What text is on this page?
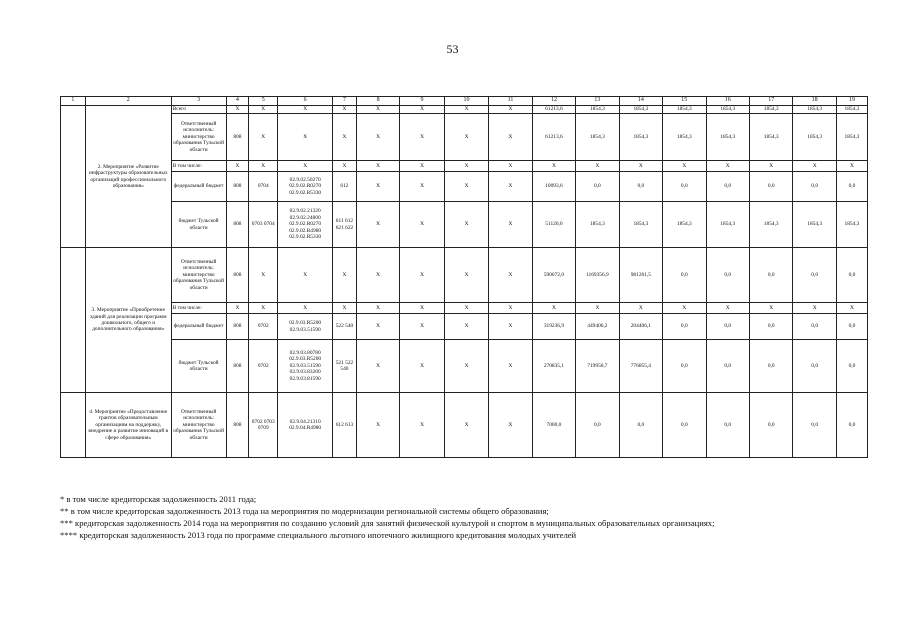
53
1	2	3	4	5	6	7	8	9	10	11	12	13	14	15	16	17	18	19
	2. Мероприятие «Развитие инфраструктуры образовательных организаций профессионального образования»	Всего	X	X	X	X	X	X	X	X	61213,6	1854,3	1854,3	1854,3	1854,3	1854,3	1854,3	1854,3
		Ответственный исполнитель: министерство образования Тульской области	808	X	X	X	X	X	X	X	61213,6	1854,3	1854,3	1854,3	1854,3	1854,3	1854,3	1854,3
		В том числе:	X	X	X	X	X	X	X	X	X	X	X	X	X	X	X	X
		федеральный бюджет	808	0704	02.9.02.50270 02.9.02.R0270 02.9.02.R5330	612	X	X	X	X	10093,6	0,0	0,0	0,0	0,0	0,0	0,0	0,0
		бюджет Тульской области	808	0703 0704	02.9.02.21320 02.9.02.24800 02.9.02.R0270 02.9.02.R4980 02.9.02.R5330	611 612 621 622	X	X	X	X	51120,0	1854,3	1854,3	1854,3	1854,3	1854,3	1854,3	1854,3
	3. Мероприятие «Приобретение зданий для реализации программ дошкольного, общего и дополнительного образования»	Ответственный исполнитель: министерство образования Тульской области	808	X	X	X	X	X	X	X	590072,0	1169356,9	981261,5	0,0	0,0	0,0	0,0	0,0
		В том числе:	X	X	X	X	X	X	X	X	X	X	X	X	X	X	X	X
		федеральный бюджет	808	0702	02.9.03.R5200 02.9.03.51590	522 540	X	X	X	X	319236,9	449406,2	204406,1	0,0	0,0	0,0	0,0	0,0
		бюджет Тульской области	808	0702	02.9.03.80780 02.9.03.R5200 02.9.03.51590 02.9.03.83200 02.9.03.81590	521 522 540	X	X	X	X	270835,1	719950,7	776855,4	0,0	0,0	0,0	0,0	0,0
	4. Мероприятие «Предоставление грантов образовательным организациям на поддержку, внедрение и развитие инноваций в сфере образования»	Ответственный исполнитель: министерство образования Тульской области	808	0702 0703 0709	02.9.04.21310 02.9.04.R4980	612 613	X	X	X	X	7000,0	0,0	0,0	0,0	0,0	0,0	0,0	0,0
* в том числе кредиторская задолженность 2011 года;
** в том числе кредиторская задолженность 2013 года на мероприятия по модернизации региональной системы общего образования;
*** кредиторская задолженность 2014 года на мероприятия по созданию условий для занятий физической культурой и спортом в муниципальных образовательных организациях;
**** кредиторская задолженность 2013 года по программе специального льготного ипотечного жилищного кредитования молодых учителей
